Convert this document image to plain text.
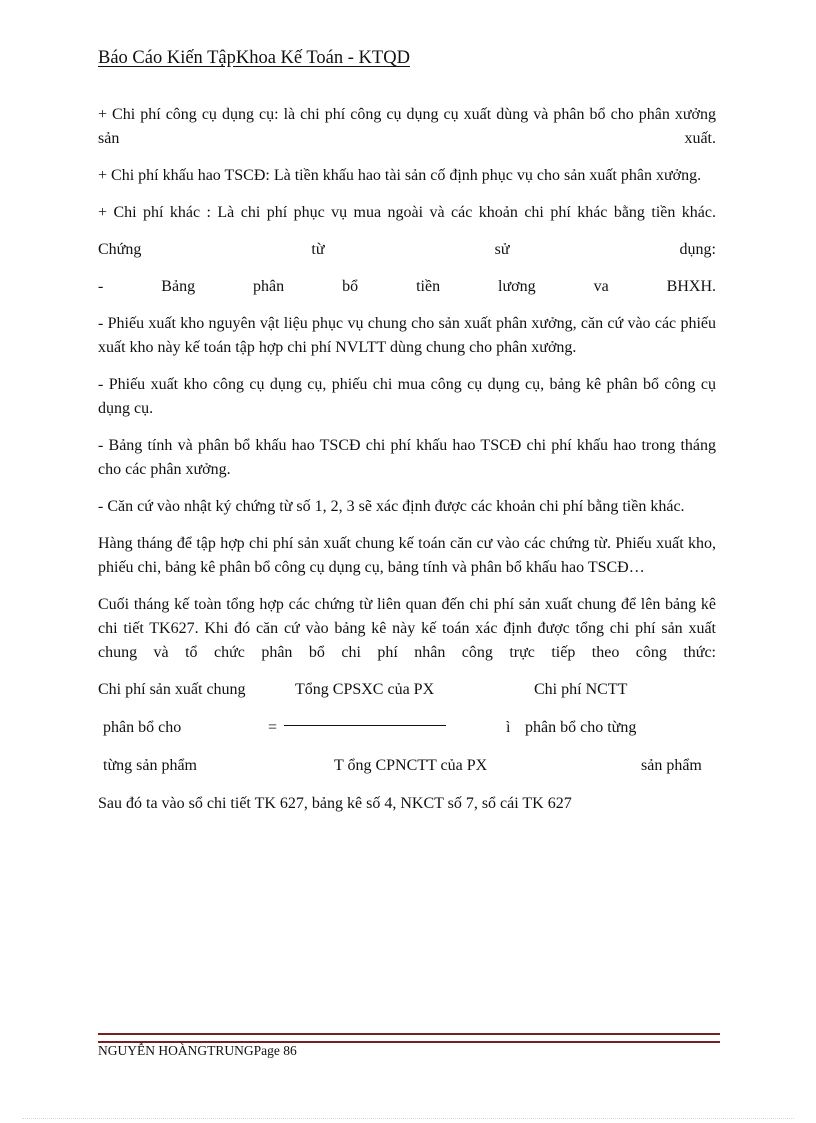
Báo Cáo Kiến TậpKhoa Kế Toán - KTQD

+ Chi phí công cụ dụng cụ: là chi phí công cụ dụng cụ xuất dùng và phân bổ cho phân xưởng sản xuất.

+ Chi phí khấu hao TSCĐ: Là tiền khấu hao tài sản cố định phục vụ cho sản xuất phân xưởng.

+ Chi phí khác : Là chi phí phục vụ mua ngoài và các khoản chi phí khác bằng tiền khác.

Chứng từ sử dụng:

- Bảng phân bổ tiền lương va BHXH.

- Phiếu xuất kho nguyên vật liệu phục vụ chung cho sản xuất phân xưởng, căn cứ vào các phiếu xuất kho này kế toán tập hợp chi phí NVLTT dùng chung cho phân xưởng.

- Phiếu xuất kho công cụ dụng cụ, phiếu chi mua công cụ dụng cụ, bảng kê phân bổ công cụ dụng cụ.

- Bảng tính và phân bổ khấu hao TSCĐ chi phí khấu hao TSCĐ chi phí khấu hao trong tháng cho các phân xưởng.

- Căn cứ vào nhật ký chứng từ số 1, 2, 3 sẽ xác định được các khoản chi phí bằng tiền khác.

Hàng tháng để tập hợp chi phí sản xuất chung kế toán căn cư vào các chứng từ. Phiếu xuất kho, phiếu chi, bảng kê phân bổ công cụ dụng cụ, bảng tính và phân bổ khấu hao TSCĐ…

Cuối tháng kế toàn tổng hợp các chứng từ liên quan đến chi phí sản xuất chung để lên bảng kê chi tiết TK627. Khi đó căn cứ vào bảng kê này kế toán xác định được tổng chi phí sản xuất chung và tổ chức phân bổ chi phí nhân công trực tiếp theo công thức:

Chi phí sản xuất chung
phân bổ cho
từng sản phẩm
=
Tổng CPSXC của PX
T ổng CPNCTT của PX
ì
Chi phí NCTT
phân bổ cho từng
sản phẩm

Sau đó ta vào sổ chi tiết TK 627, bảng kê số 4, NKCT số 7, sổ cái TK 627

NGUYỄN HOÀNGTRUNGPage 86
